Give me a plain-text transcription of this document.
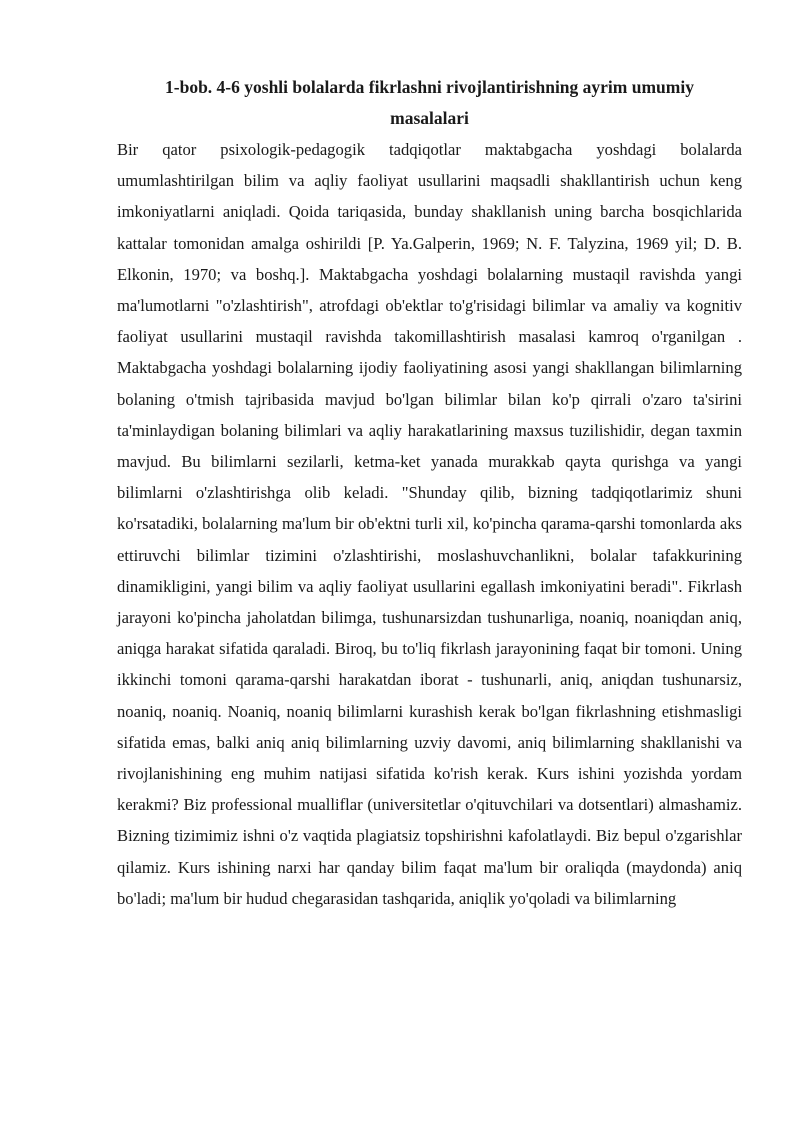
1-bob. 4-6 yoshli bolalarda fikrlashni rivojlantirishning ayrim umumiy masalalari

Bir qator psixologik-pedagogik tadqiqotlar maktabgacha yoshdagi bolalarda umumlashtirilgan bilim va aqliy faoliyat usullarini maqsadli shakllantirish uchun keng imkoniyatlarni aniqladi. Qoida tariqasida, bunday shakllanish uning barcha bosqichlarida kattalar tomonidan amalga oshirildi [P. Ya.Galperin, 1969; N. F. Talyzina, 1969 yil; D. B. Elkonin, 1970; va boshq.]. Maktabgacha yoshdagi bolalarning mustaqil ravishda yangi ma'lumotlarni "o'zlashtirish", atrofdagi ob'ektlar to'g'risidagi bilimlar va amaliy va kognitiv faoliyat usullarini mustaqil ravishda takomillashtirish masalasi kamroq o'rganilgan . Maktabgacha yoshdagi bolalarning ijodiy faoliyatining asosi yangi shakllangan bilimlarning bolaning o'tmish tajribasida mavjud bo'lgan bilimlar bilan ko'p qirrali o'zaro ta'sirini ta'minlaydigan bolaning bilimlari va aqliy harakatlarining maxsus tuzilishidir, degan taxmin mavjud. Bu bilimlarni sezilarli, ketma-ket yanada murakkab qayta qurishga va yangi bilimlarni o'zlashtirishga olib keladi. "Shunday qilib, bizning tadqiqotlarimiz shuni ko'rsatadiki, bolalarning ma'lum bir ob'ektni turli xil, ko'pincha qarama-qarshi tomonlarda aks ettiruvchi bilimlar tizimini o'zlashtirishi, moslashuvchanlikni, bolalar tafakkurining dinamikligini, yangi bilim va aqliy faoliyat usullarini egallash imkoniyatini beradi". Fikrlash jarayoni ko'pincha jaholatdan bilimga, tushunarsizdan tushunarliga, noaniq, noaniqdan aniq, aniqga harakat sifatida qaraladi. Biroq, bu to'liq fikrlash jarayonining faqat bir tomoni. Uning ikkinchi tomoni qarama-qarshi harakatdan iborat - tushunarli, aniq, aniqdan tushunarsiz, noaniq, noaniq. Noaniq, noaniq bilimlarni kurashish kerak bo'lgan fikrlashning etishmasligi sifatida emas, balki aniq aniq bilimlarning uzviy davomi, aniq bilimlarning shakllanishi va rivojlanishining eng muhim natijasi sifatida ko'rish kerak. Kurs ishini yozishda yordam kerakmi? Biz professional mualliflar (universitetlar o'qituvchilari va dotsentlari) almashamiz. Bizning tizimimiz ishni o'z vaqtida plagiatsiz topshirishni kafolatlaydi. Biz bepul o'zgarishlar qilamiz. Kurs ishining narxi har qanday bilim faqat ma'lum bir oraliqda (maydonda) aniq bo'ladi; ma'lum bir hudud chegarasidan tashqarida, aniqlik yo'qoladi va bilimlarning
